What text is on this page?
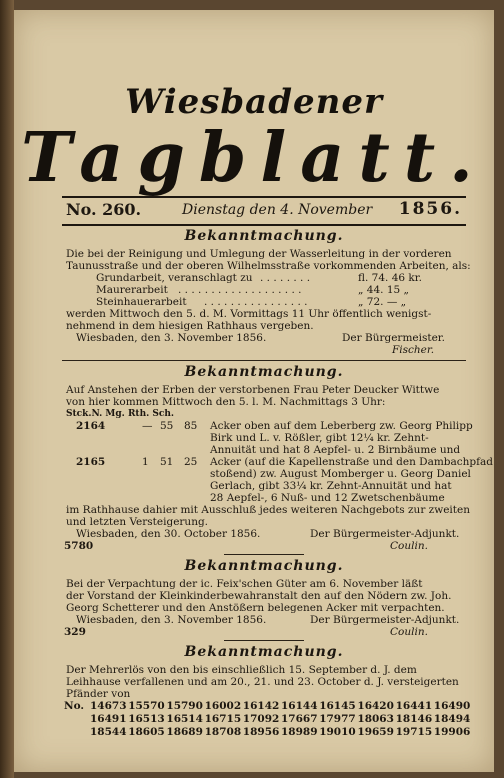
Wiesbadener
Tagblatt.
No. 260.	Dienstag den 4. November 1856.
Bekanntmachung.
Die bei der Reinigung und Umlegung der Wasserleitung in der vorderen
Taunusstraße und der oberen Wilhelmsstraße vorkommenden Arbeiten, als:
Grundarbeit, veranschlagt zu . . . . . . . .	fl. 74. 46 kr.
Maurerarbeit . . . . . . . . . . . . . . . . . . .	„ 44. 15 „
Steinhauerarbeit . . . . . . . . . . . . . . . .	„ 72. — „
werden Mittwoch den 5. d. M. Vormittags 11 Uhr öffentlich wenigst-
nehmend in dem hiesigen Rathhaus vergeben.
Wiesbaden, den 3. November 1856.	Der Bürgermeister.
Fischer.
Bekanntmachung.
Auf Anstehen der Erben der verstorbenen Frau Peter Deucker Wittwe
von hier kommen Mittwoch den 5. l. M. Nachmittags 3 Uhr:
Stck.N. Mg. Rth. Sch.
2164	— 55 85 Acker oben auf dem Leberberg zw. Georg Philipp
Birk und L. v. Rößler, gibt 12¼ kr. Zehnt-
Annuität und hat 8 Aepfel- u. 2 Birnbäume und
2165	1 51 25 Acker (auf die Kapellenstraße und den Dambachpfad
stoßend) zw. August Momberger u. Georg Daniel
Gerlach, gibt 33¼ kr. Zehnt-Annuität und hat
28 Aepfel-, 6 Nuß- und 12 Zwetschenbäume
im Rathhause dahier mit Ausschluß jedes weiteren Nachgebots zur zweiten
und letzten Versteigerung.
Wiesbaden, den 30. October 1856.	Der Bürgermeister-Adjunkt.
5780	Coulin.
Bekanntmachung.
Bei der Verpachtung der ic. Feix'schen Güter am 6. November läßt
der Vorstand der Kleinkinderbewahranstalt den auf den Nödern zw. Joh.
Georg Schetterer und den Anstößern belegenen Acker mit verpachten.
Wiesbaden, den 3. November 1856.	Der Bürgermeister-Adjunkt.
329	Coulin.
Bekanntmachung.
Der Mehrerlös von den bis einschließlich 15. September d. J. dem
Leihhause verfallenen und am 20., 21. und 23. October d. J. versteigerten
Pfänder von
No. 14673 15570 15790 16002 16142 16144 16145 16420 16441 16490
16491 16513 16514 16715 17092 17667 17977 18063 18146 18494
18544 18605 18689 18708 18956 18989 19010 19659 19715 19906
